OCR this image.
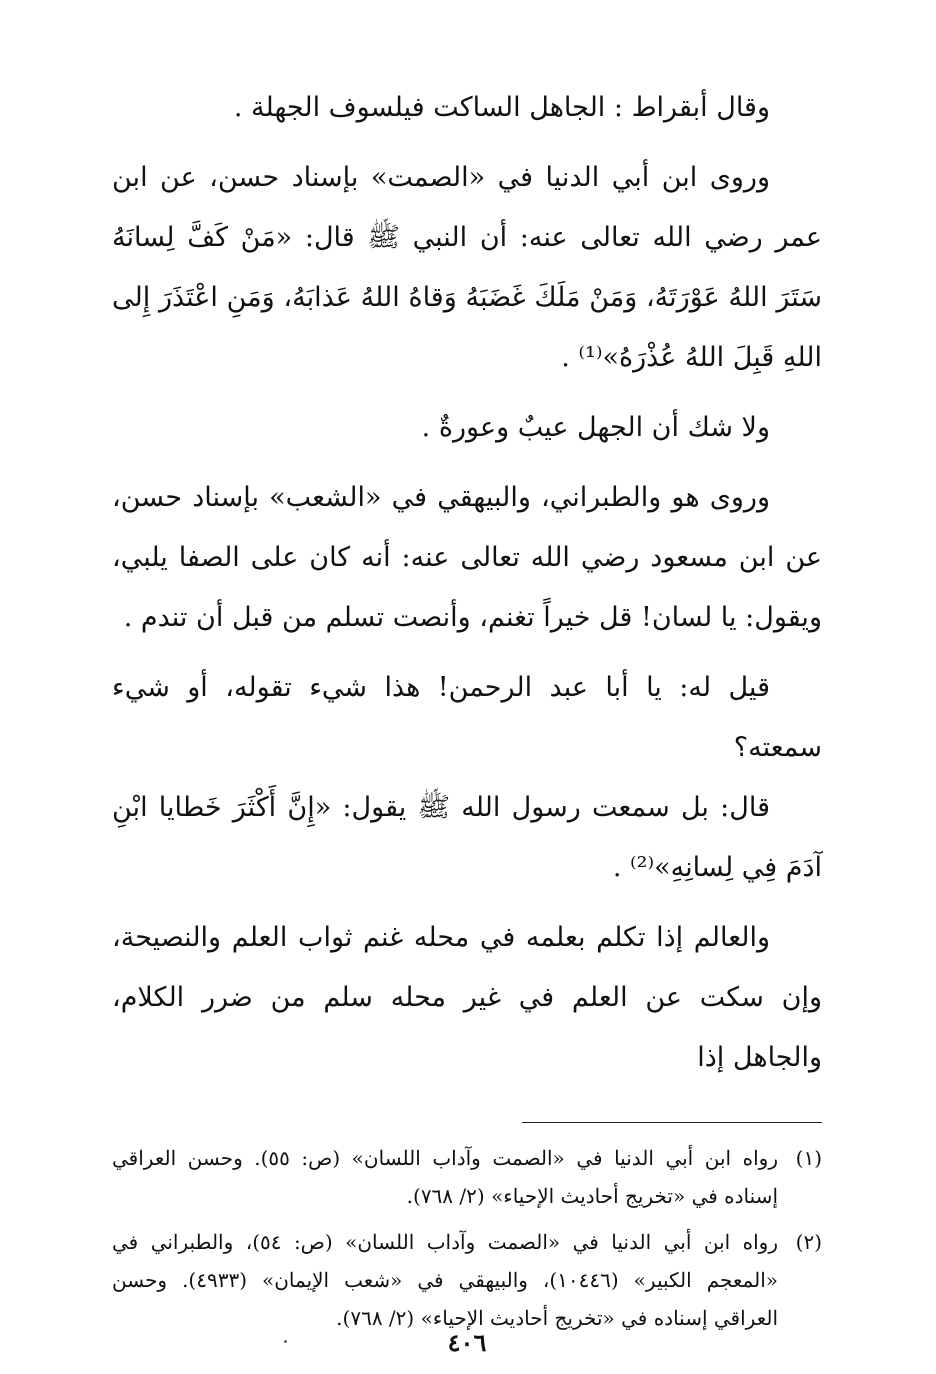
وقال أبقراط : الجاهل الساكت فيلسوف الجهلة .

وروى ابن أبي الدنيا في «الصمت» بإسناد حسن، عن ابن عمر رضي الله تعالى عنه: أن النبي ﷺ قال: «مَنْ كَفَّ لِسانَهُ سَتَرَ اللهُ عَوْرَتَهُ، وَمَنْ مَلَكَ غَضَبَهُ وَقاهُ اللهُ عَذابَهُ، وَمَنِ اعْتَذَرَ إِلى اللهِ قَبِلَ اللهُ عُذْرَهُ»⁽¹⁾ .

ولا شك أن الجهل عيبٌ وعورةٌ .

وروى هو والطبراني، والبيهقي في «الشعب» بإسناد حسن، عن ابن مسعود رضي الله تعالى عنه: أنه كان على الصفا يلبي، ويقول: يا لسان! قل خيراً تغنم، وأنصت تسلم من قبل أن تندم .

قيل له: يا أبا عبد الرحمن! هذا شيء تقوله، أو شيء سمعته؟

قال: بل سمعت رسول الله ﷺ يقول: «إِنَّ أَكْثَرَ خَطايا ابْنِ آدَمَ فِي لِسانِهِ»⁽²⁾ .

والعالم إذا تكلم بعلمه في محله غنم ثواب العلم والنصيحة، وإن سكت عن العلم في غير محله سلم من ضرر الكلام، والجاهل إذا

(١)
رواه ابن أبي الدنيا في «الصمت وآداب اللسان» (ص: ٥٥). وحسن العراقي إسناده في «تخريج أحاديث الإحياء» (٢/ ٧٦٨).
(٢)
رواه ابن أبي الدنيا في «الصمت وآداب اللسان» (ص: ٥٤)، والطبراني في «المعجم الكبير» (١٠٤٤٦)، والبيهقي في «شعب الإيمان» (٤٩٣٣). وحسن العراقي إسناده في «تخريج أحاديث الإحياء» (٢/ ٧٦٨).
٤٠٦
